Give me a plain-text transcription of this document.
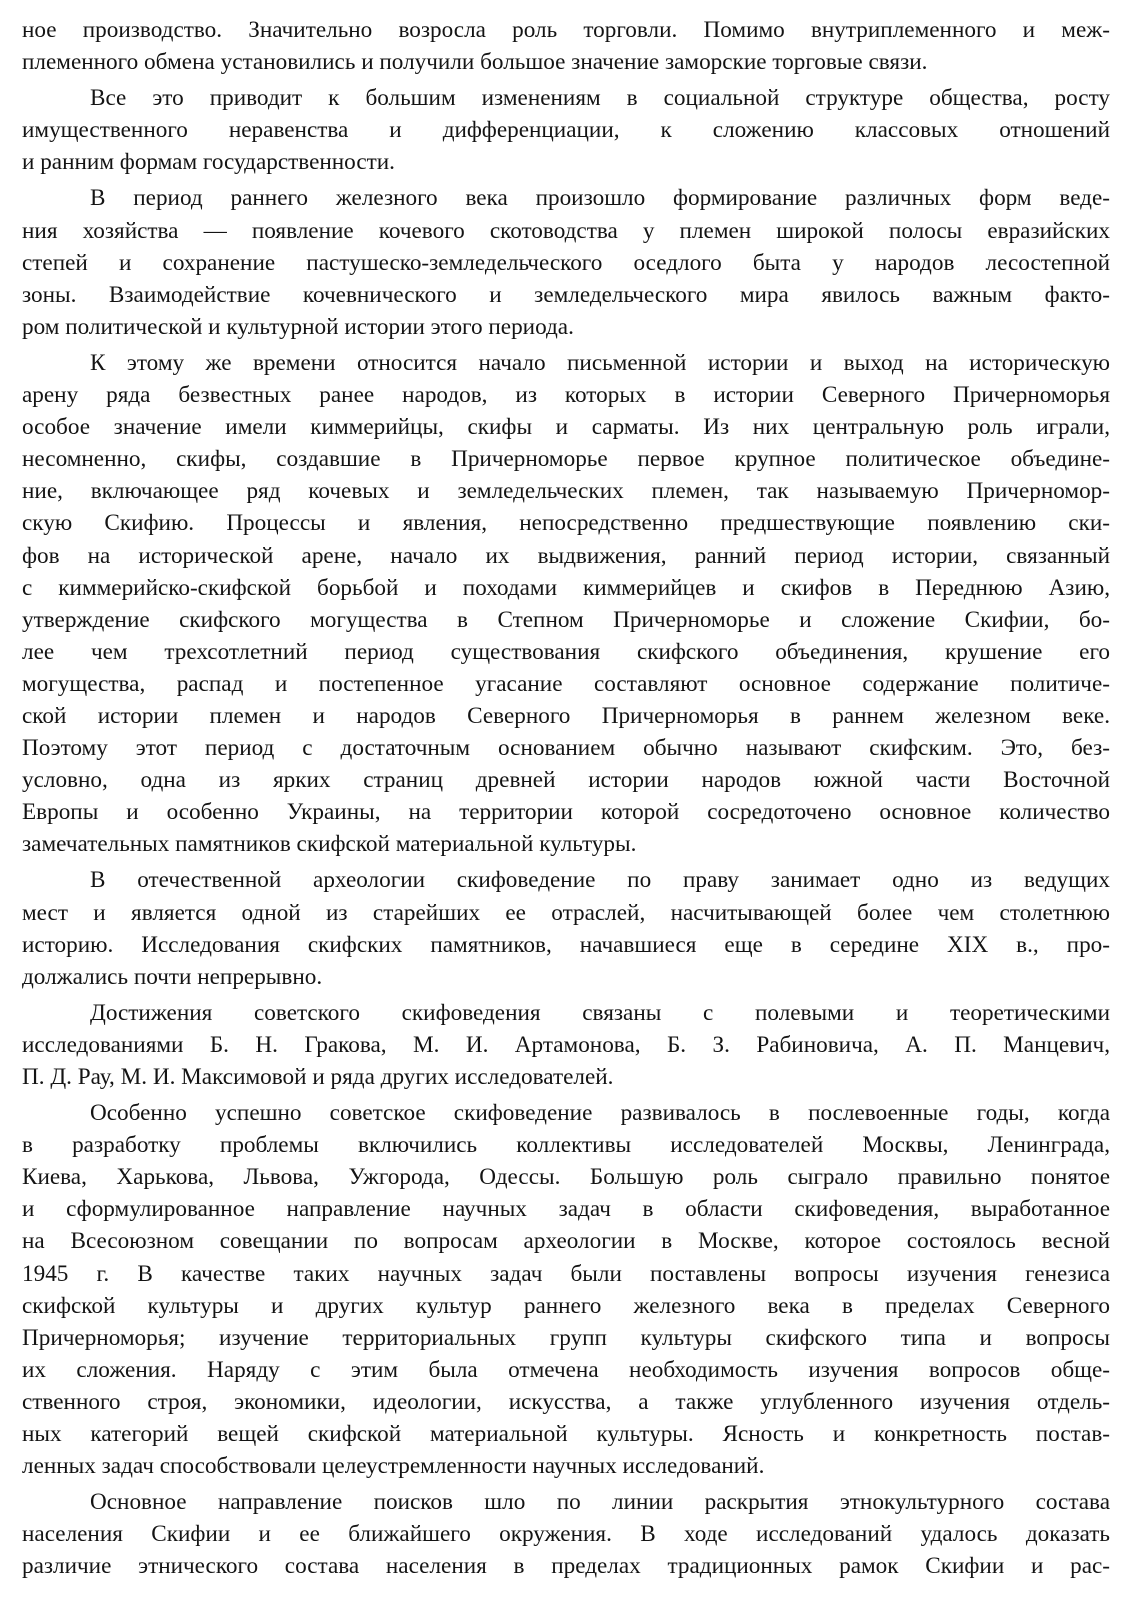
ное производство. Значительно возросла роль торговли. Помимо внутриплеменного и меж-
племенного обмена установились и получили большое значение заморские торговые связи.

Все это приводит к большим изменениям в социальной структуре общества, росту
имущественного неравенства и дифференциации, к сложению классовых отношений
и ранним формам государственности.

В период раннего железного века произошло формирование различных форм веде-
ния хозяйства — появление кочевого скотоводства у племен широкой полосы евразийских
степей и сохранение пастушеско-земледельческого оседлого быта у народов лесостепной
зоны. Взаимодействие кочевнического и земледельческого мира явилось важным факто-
ром политической и культурной истории этого периода.

К этому же времени относится начало письменной истории и выход на историческую
арену ряда безвестных ранее народов, из которых в истории Северного Причерноморья
особое значение имели киммерийцы, скифы и сарматы. Из них центральную роль играли,
несомненно, скифы, создавшие в Причерноморье первое крупное политическое объедине-
ние, включающее ряд кочевых и земледельческих племен, так называемую Причерномор-
скую Скифию. Процессы и явления, непосредственно предшествующие появлению ски-
фов на исторической арене, начало их выдвижения, ранний период истории, связанный
с киммерийско-скифской борьбой и походами киммерийцев и скифов в Переднюю Азию,
утверждение скифского могущества в Степном Причерноморье и сложение Скифии, бо-
лее чем трехсотлетний период существования скифского объединения, крушение его
могущества, распад и постепенное угасание составляют основное содержание политиче-
ской истории племен и народов Северного Причерноморья в раннем железном веке.
Поэтому этот период с достаточным основанием обычно называют скифским. Это, без-
условно, одна из ярких страниц древней истории народов южной части Восточной
Европы и особенно Украины, на территории которой сосредоточено основное количество
замечательных памятников скифской материальной культуры.

В отечественной археологии скифоведение по праву занимает одно из ведущих
мест и является одной из старейших ее отраслей, насчитывающей более чем столетнюю
историю. Исследования скифских памятников, начавшиеся еще в середине XIX в., про-
должались почти непрерывно.

Достижения советского скифоведения связаны с полевыми и теоретическими
исследованиями Б. Н. Гракова, М. И. Артамонова, Б. З. Рабиновича, А. П. Манцевич,
П. Д. Рау, М. И. Максимовой и ряда других исследователей.

Особенно успешно советское скифоведение развивалось в послевоенные годы, когда
в разработку проблемы включились коллективы исследователей Москвы, Ленинграда,
Киева, Харькова, Львова, Ужгорода, Одессы. Большую роль сыграло правильно понятое
и сформулированное направление научных задач в области скифоведения, выработанное
на Всесоюзном совещании по вопросам археологии в Москве, которое состоялось весной
1945 г. В качестве таких научных задач были поставлены вопросы изучения генезиса
скифской культуры и других культур раннего железного века в пределах Северного
Причерноморья; изучение территориальных групп культуры скифского типа и вопросы
их сложения. Наряду с этим была отмечена необходимость изучения вопросов обще-
ственного строя, экономики, идеологии, искусства, а также углубленного изучения отдель-
ных категорий вещей скифской материальной культуры. Ясность и конкретность постав-
ленных задач способствовали целеустремленности научных исследований.

Основное направление поисков шло по линии раскрытия этнокультурного состава
населения Скифии и ее ближайшего окружения. В ходе исследований удалось доказать
различие этнического состава населения в пределах традиционных рамок Скифии и рас-
